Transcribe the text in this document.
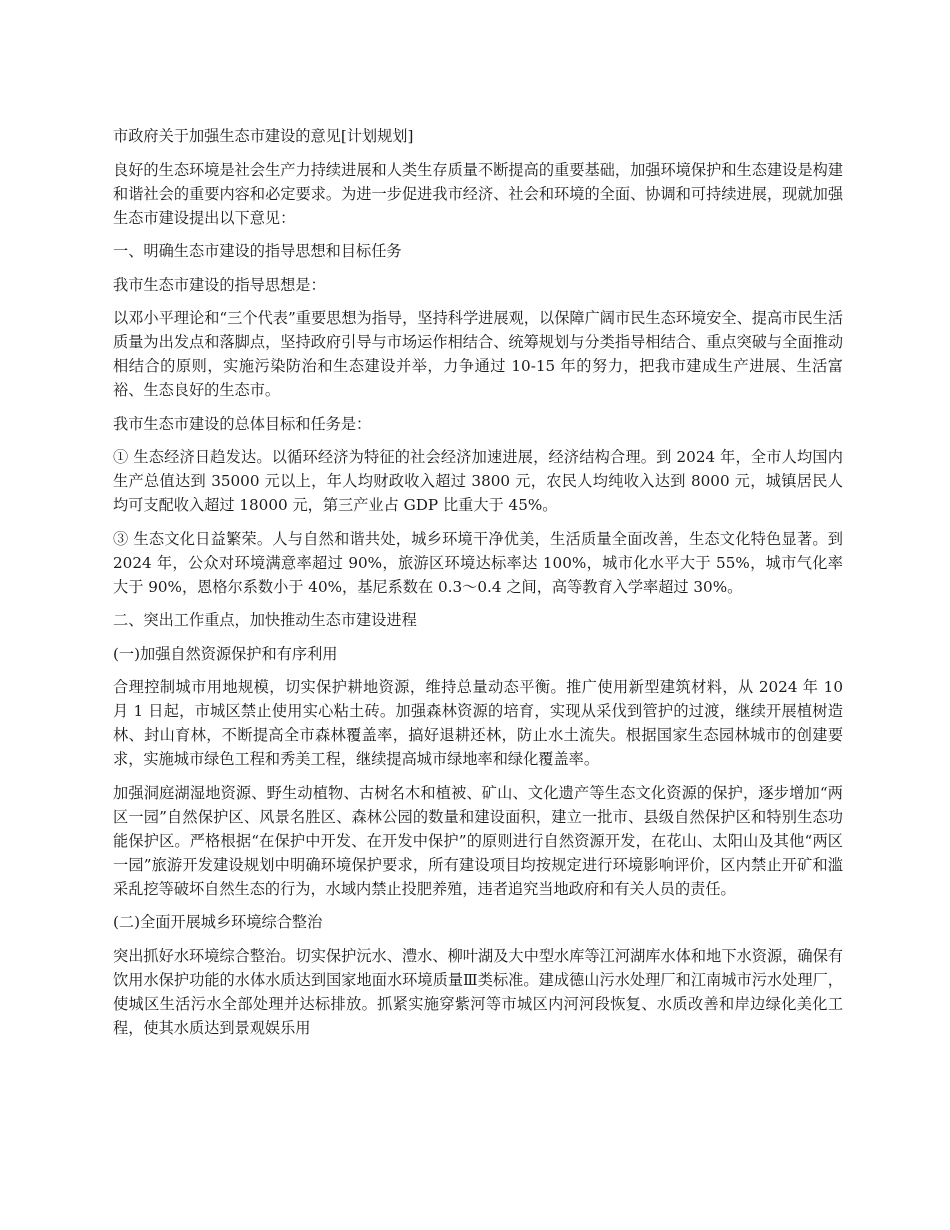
市政府关于加强生态市建设的意见[计划规划]

良好的生态环境是社会生产力持续进展和人类生存质量不断提高的重要基础，加强环境保护和生态建设是构建和谐社会的重要内容和必定要求。为进一步促进我市经济、社会和环境的全面、协调和可持续进展，现就加强生态市建设提出以下意见：

一、明确生态市建设的指导思想和目标任务

我市生态市建设的指导思想是：

以邓小平理论和“三个代表”重要思想为指导，坚持科学进展观，以保障广阔市民生态环境安全、提高市民生活质量为出发点和落脚点，坚持政府引导与市场运作相结合、统筹规划与分类指导相结合、重点突破与全面推动相结合的原则，实施污染防治和生态建设并举，力争通过 10-15 年的努力，把我市建成生产进展、生活富裕、生态良好的生态市。

我市生态市建设的总体目标和任务是：

① 生态经济日趋发达。以循环经济为特征的社会经济加速进展，经济结构合理。到 2024 年，全市人均国内生产总值达到 35000 元以上，年人均财政收入超过 3800 元，农民人均纯收入达到 8000 元，城镇居民人均可支配收入超过 18000 元，第三产业占 GDP 比重大于 45%。

③ 生态文化日益繁荣。人与自然和谐共处，城乡环境干净优美，生活质量全面改善，生态文化特色显著。到 2024 年，公众对环境满意率超过 90%，旅游区环境达标率达 100%，城市化水平大于 55%，城市气化率大于 90%，恩格尔系数小于 40%，基尼系数在 0.3～0.4 之间，高等教育入学率超过 30%。

二、突出工作重点，加快推动生态市建设进程

(一)加强自然资源保护和有序利用

合理控制城市用地规模，切实保护耕地资源，维持总量动态平衡。推广使用新型建筑材料，从 2024 年 10 月 1 日起，市城区禁止使用实心粘土砖。加强森林资源的培育，实现从采伐到管护的过渡，继续开展植树造林、封山育林，不断提高全市森林覆盖率，搞好退耕还林，防止水土流失。根据国家生态园林城市的创建要求，实施城市绿色工程和秀美工程，继续提高城市绿地率和绿化覆盖率。

加强洞庭湖湿地资源、野生动植物、古树名木和植被、矿山、文化遗产等生态文化资源的保护，逐步增加“两区一园”自然保护区、风景名胜区、森林公园的数量和建设面积，建立一批市、县级自然保护区和特别生态功能保护区。严格根据“在保护中开发、在开发中保护”的原则进行自然资源开发，在花山、太阳山及其他“两区一园”旅游开发建设规划中明确环境保护要求，所有建设项目均按规定进行环境影响评价，区内禁止开矿和滥采乱挖等破坏自然生态的行为，水域内禁止投肥养殖，违者追究当地政府和有关人员的责任。

(二)全面开展城乡环境综合整治

突出抓好水环境综合整治。切实保护沅水、澧水、柳叶湖及大中型水库等江河湖库水体和地下水资源，确保有饮用水保护功能的水体水质达到国家地面水环境质量Ⅲ类标准。建成德山污水处理厂和江南城市污水处理厂，使城区生活污水全部处理并达标排放。抓紧实施穿紫河等市城区内河河段恢复、水质改善和岸边绿化美化工程，使其水质达到景观娱乐用
